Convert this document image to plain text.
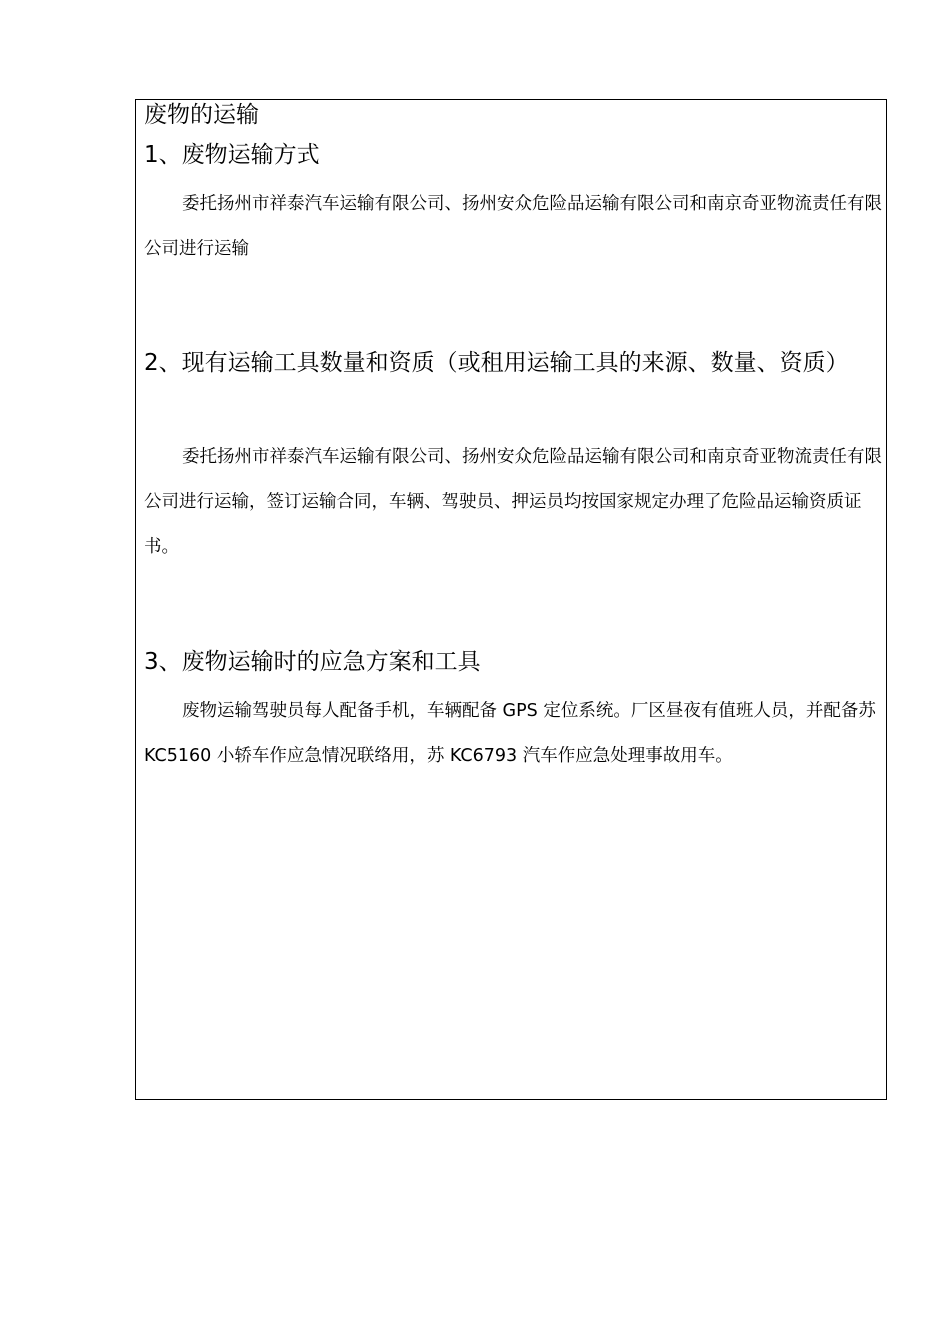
废物的运输
1、废物运输方式

委托扬州市祥泰汽车运输有限公司、扬州安众危险品运输有限公司和南京奇亚物流责任有限公司进行运输

2、现有运输工具数量和资质（或租用运输工具的来源、数量、资质）

委托扬州市祥泰汽车运输有限公司、扬州安众危险品运输有限公司和南京奇亚物流责任有限公司进行运输，签订运输合同，车辆、驾驶员、押运员均按国家规定办理了危险品运输资质证书。

3、废物运输时的应急方案和工具

废物运输驾驶员每人配备手机，车辆配备 GPS 定位系统。厂区昼夜有值班人员，并配备苏 KC5160 小轿车作应急情况联络用，苏 KC6793 汽车作应急处理事故用车。
